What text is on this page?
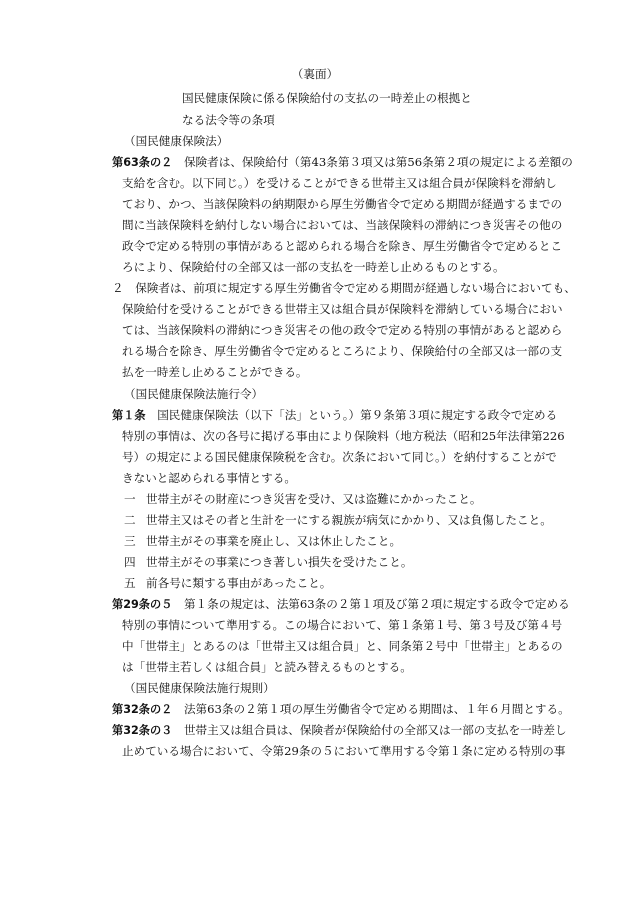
（裏面）
国民健康保険に係る保険給付の支払の一時差止の根拠と
なる法令等の条項
（国民健康保険法）
第63条の２　 保険者は、保険給付（第43条第３項又は第56条第２項の規定による差額の
支給を含む。以下同じ。）を受けることができる世帯主又は組合員が保険料を滞納し
ており、かつ、当該保険料の納期限から厚生労働省令で定める期間が経過するまでの
間に当該保険料を納付しない場合においては、当該保険料の滞納につき災害その他の
政令で定める特別の事情があると認められる場合を除き、厚生労働省令で定めるとこ
ろにより、保険給付の全部又は一部の支払を一時差し止めるものとする。
２　 保険者は、前項に規定する厚生労働省令で定める期間が経過しない場合においても、
保険給付を受けることができる世帯主又は組合員が保険料を滞納している場合におい
ては、当該保険料の滞納につき災害その他の政令で定める特別の事情があると認めら
れる場合を除き、厚生労働省令で定めるところにより、保険給付の全部又は一部の支
払を一時差し止めることができる。
（国民健康保険法施行令）
第１条　 国民健康保険法（以下「法」という。）第９条第３項に規定する政令で定める
特別の事情は、次の各号に掲げる事由により保険料（地方税法（昭和25年法律第226
号）の規定による国民健康保険税を含む。次条において同じ。）を納付することがで
きないと認められる事情とする。
一 世帯主がその財産につき災害を受け、又は盗難にかかったこと。
二 世帯主又はその者と生計を一にする親族が病気にかかり、又は負傷したこと。
三 世帯主がその事業を廃止し、又は休止したこと。
四 世帯主がその事業につき著しい損失を受けたこと。
五 前各号に類する事由があったこと。
第29条の５　 第１条の規定は、法第63条の２第１項及び第２項に規定する政令で定める
特別の事情について準用する。この場合において、第１条第１号、第３号及び第４号
中「世帯主」とあるのは「世帯主又は組合員」と、同条第２号中「世帯主」とあるの
は「世帯主若しくは組合員」と読み替えるものとする。
（国民健康保険法施行規則）
第32条の２　 法第63条の２第１項の厚生労働省令で定める期間は、１年６月間とする。
第32条の３　 世帯主又は組合員は、保険者が保険給付の全部又は一部の支払を一時差し
止めている場合において、令第29条の５において準用する令第１条に定める特別の事
